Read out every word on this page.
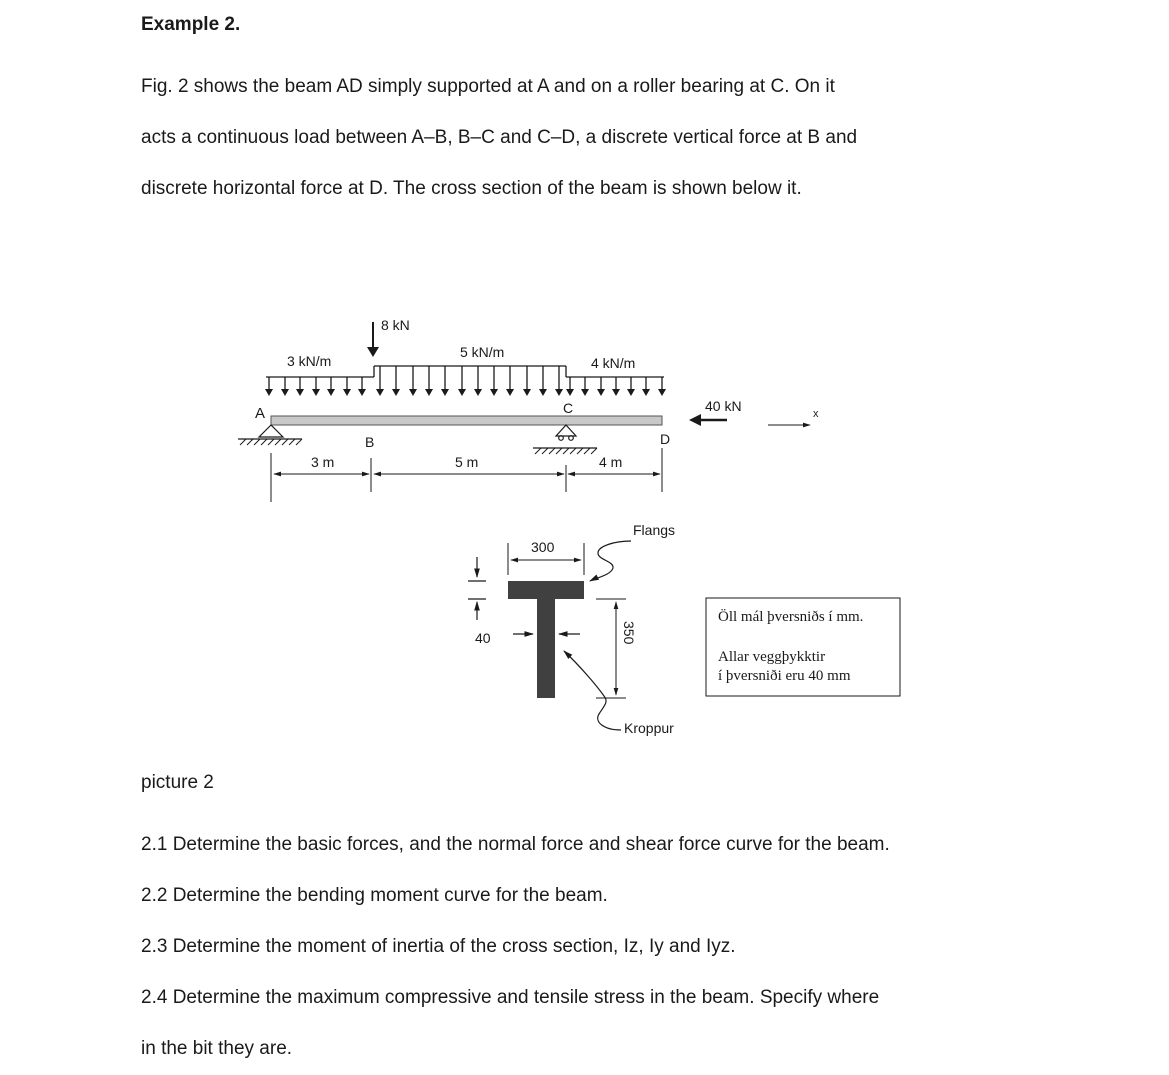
Example 2.

Fig. 2 shows the beam AD simply supported at A and on a roller bearing at C. On it

acts a continuous load between A–B, B–C and C–D, a discrete vertical force at B and

discrete horizontal force at D. The cross section of the beam is shown below it.

picture 2

2.1 Determine the basic forces, and the normal force and shear force curve for the beam.

2.2 Determine the bending moment curve for the beam.

2.3 Determine the moment of inertia of the cross section, Iz, Iy and Iyz.

2.4 Determine the maximum compressive and tensile stress in the beam. Specify where

in the bit they are.

3 kN/m
5 kN/m
4 kN/m
8 kN
A	C
B	D
40 kN	x
3 m	5 m	4 m
300
40	350
Flangs
Kroppur
Öll mál þversniðs í mm.
Allar veggþykktir
í þversniði eru 40 mm
